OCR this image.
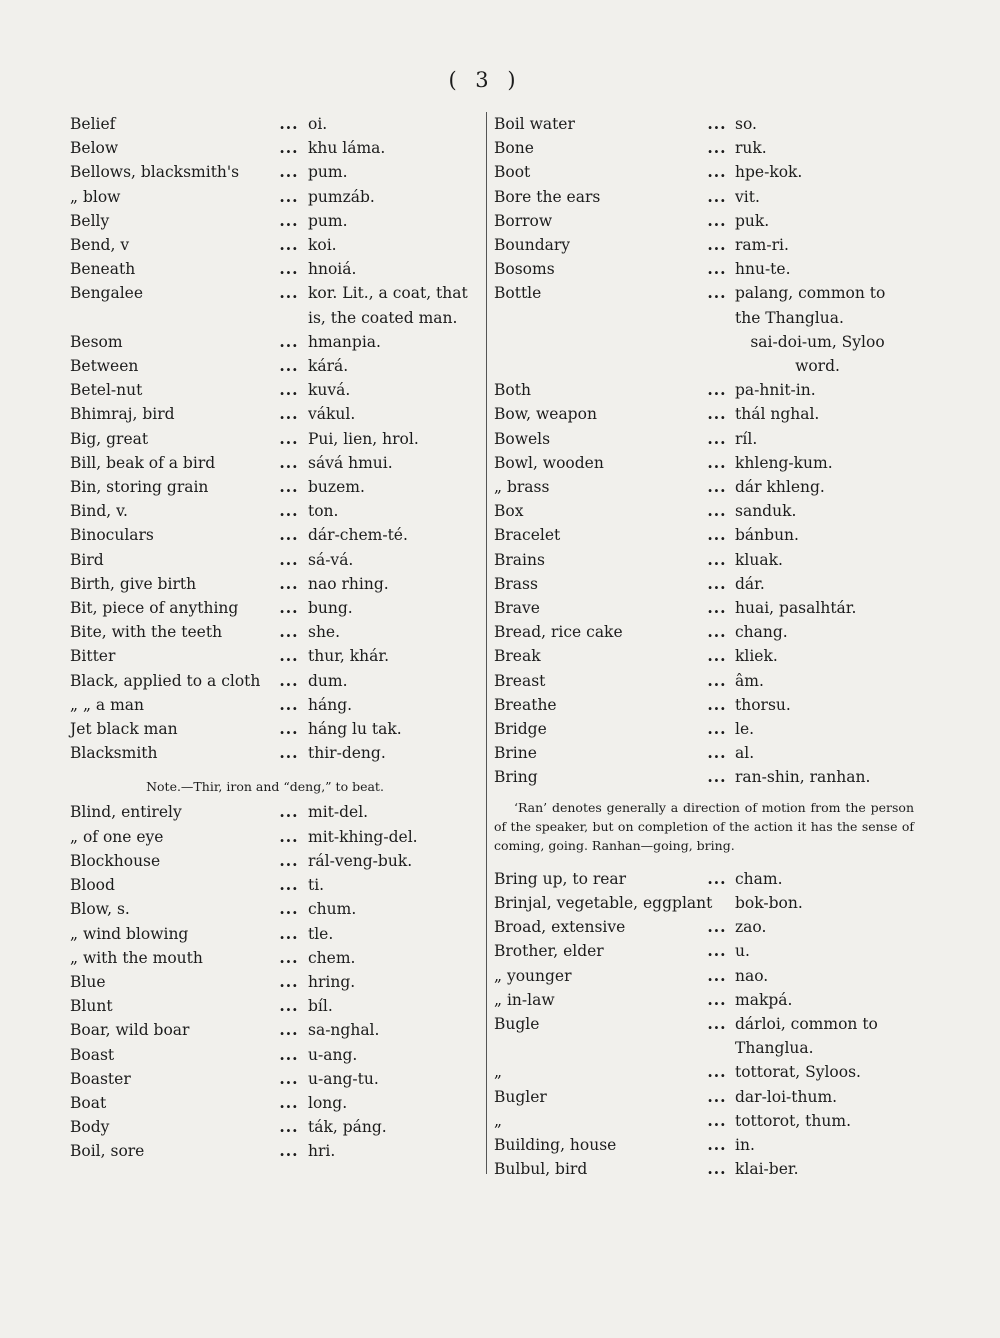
( 3 )
Belief	... oi.
Below	... khu láma.
Bellows, blacksmith's	... pum.
„ blow	... pumzáb.
Belly	... pum.
Bend, v	... koi.
Beneath	... hnoiá.
Bengalee	... kor. Lit., a coat, that is, the coated man.
Besom	... hmanpia.
Between	... kárá.
Betel-nut	... kuvá.
Bhimraj, bird	... vákul.
Big, great	... Pui, lien, hrol.
Bill, beak of a bird	... sává hmui.
Bin, storing grain	... buzem.
Bind, v.	... ton.
Binoculars	... dár-chem-té.
Bird	... sá-vá.
Birth, give birth	... nao rhing.
Bit, piece of anything	... bung.
Bite, with the teeth	... she.
Bitter	... thur, khár.
Black, applied to a cloth	... dum.
„ „ a man	... háng.
Jet black man	... háng lu tak.
Blacksmith	... thir-deng.
Note.—Thir, iron and “deng,” to beat.
Blind, entirely	... mit-del.
„ of one eye	... mit-khing-del.
Blockhouse	... rál-veng-buk.
Blood	... ti.
Blow, s.	... chum.
„ wind blowing	... tle.
„ with the mouth	... chem.
Blue	... hring.
Blunt	... bíl.
Boar, wild boar	... sa-nghal.
Boast	... u-ang.
Boaster	... u-ang-tu.
Boat	... long.
Body	... ták, páng.
Boil, sore	... hri.
Boil water	... so.
Bone	... ruk.
Boot	... hpe-kok.
Bore the ears	... vit.
Borrow	... puk.
Boundary	... ram-ri.
Bosoms	... hnu-te.
Bottle	... palang, common to the Thanglua.
sai-doi-um, Syloo word.
Both	... pa-hnit-in.
Bow, weapon	... thál nghal.
Bowels	... ríl.
Bowl, wooden	... khleng-kum.
„ brass	... dár khleng.
Box	... sanduk.
Bracelet	... bánbun.
Brains	... kluak.
Brass	... dár.
Brave	... huai, pasalhtár.
Bread, rice cake	... chang.
Break	... kliek.
Breast	... âm.
Breathe	... thorsu.
Bridge	... le.
Brine	... al.
Bring	... ran-shin, ranhan.
‘Ran’ denotes generally a direction of motion from the person of the speaker, but on completion of the action it has the sense of coming, going. Ranhan—going, bring.
Bring up, to rear	... cham.
Brinjal, vegetable, eggplant bok-bon.
Broad, extensive	... zao.
Brother, elder	... u.
„ younger	... nao.
„ in-law	... makpá.
Bugle	... dárloi, common to Thanglua.
„	... tottorat, Syloos.
Bugler	... dar-loi-thum.
„	... tottorot, thum.
Building, house	... in.
Bulbul, bird	... klai-ber.
